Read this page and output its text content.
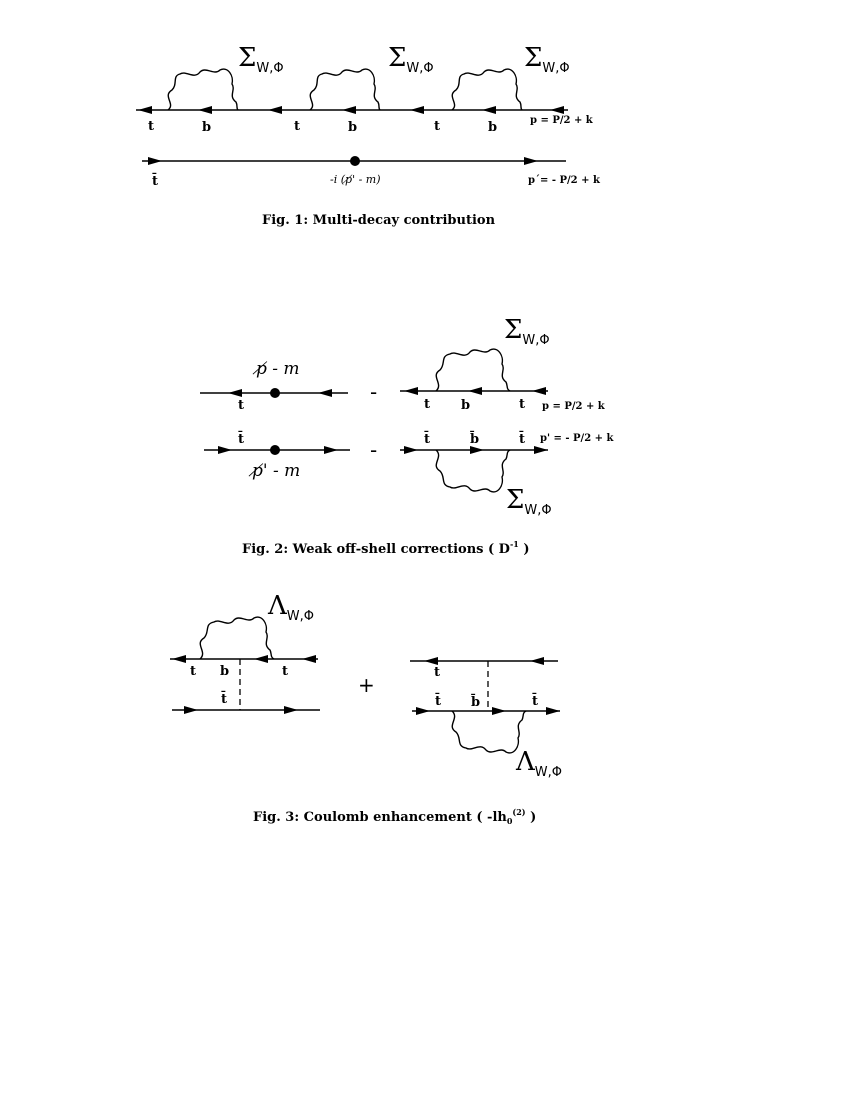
$\Sigma_{W,\Phi}$	$\Sigma_{W,\Phi}$	$\Sigma_{W,\Phi}$
t	b	t	b	t	b	p = P/2 + k
t̄	-i (p̸' - m)	p´= - P/2 + k
Fig. 1: Multi-decay contribution
p̸ - m
t
-
$\Sigma_{W,\Phi}$
t b	t p = P/2 + k
t̄
p̸' - m
-
$\Sigma_{W,\Phi}$
t̄	b̄	t̄ p' = - P/2 + k
Fig. 2: Weak off-shell corrections ( $D^{-1}$ )
$\Lambda_{W,\Phi}$
t b	t
t̄
+
t
$\Lambda_{W,\Phi}$
t̄ b̄	t̄
Fig. 3: Coulomb enhancement ( $-lh_0^{(2)}$ )
